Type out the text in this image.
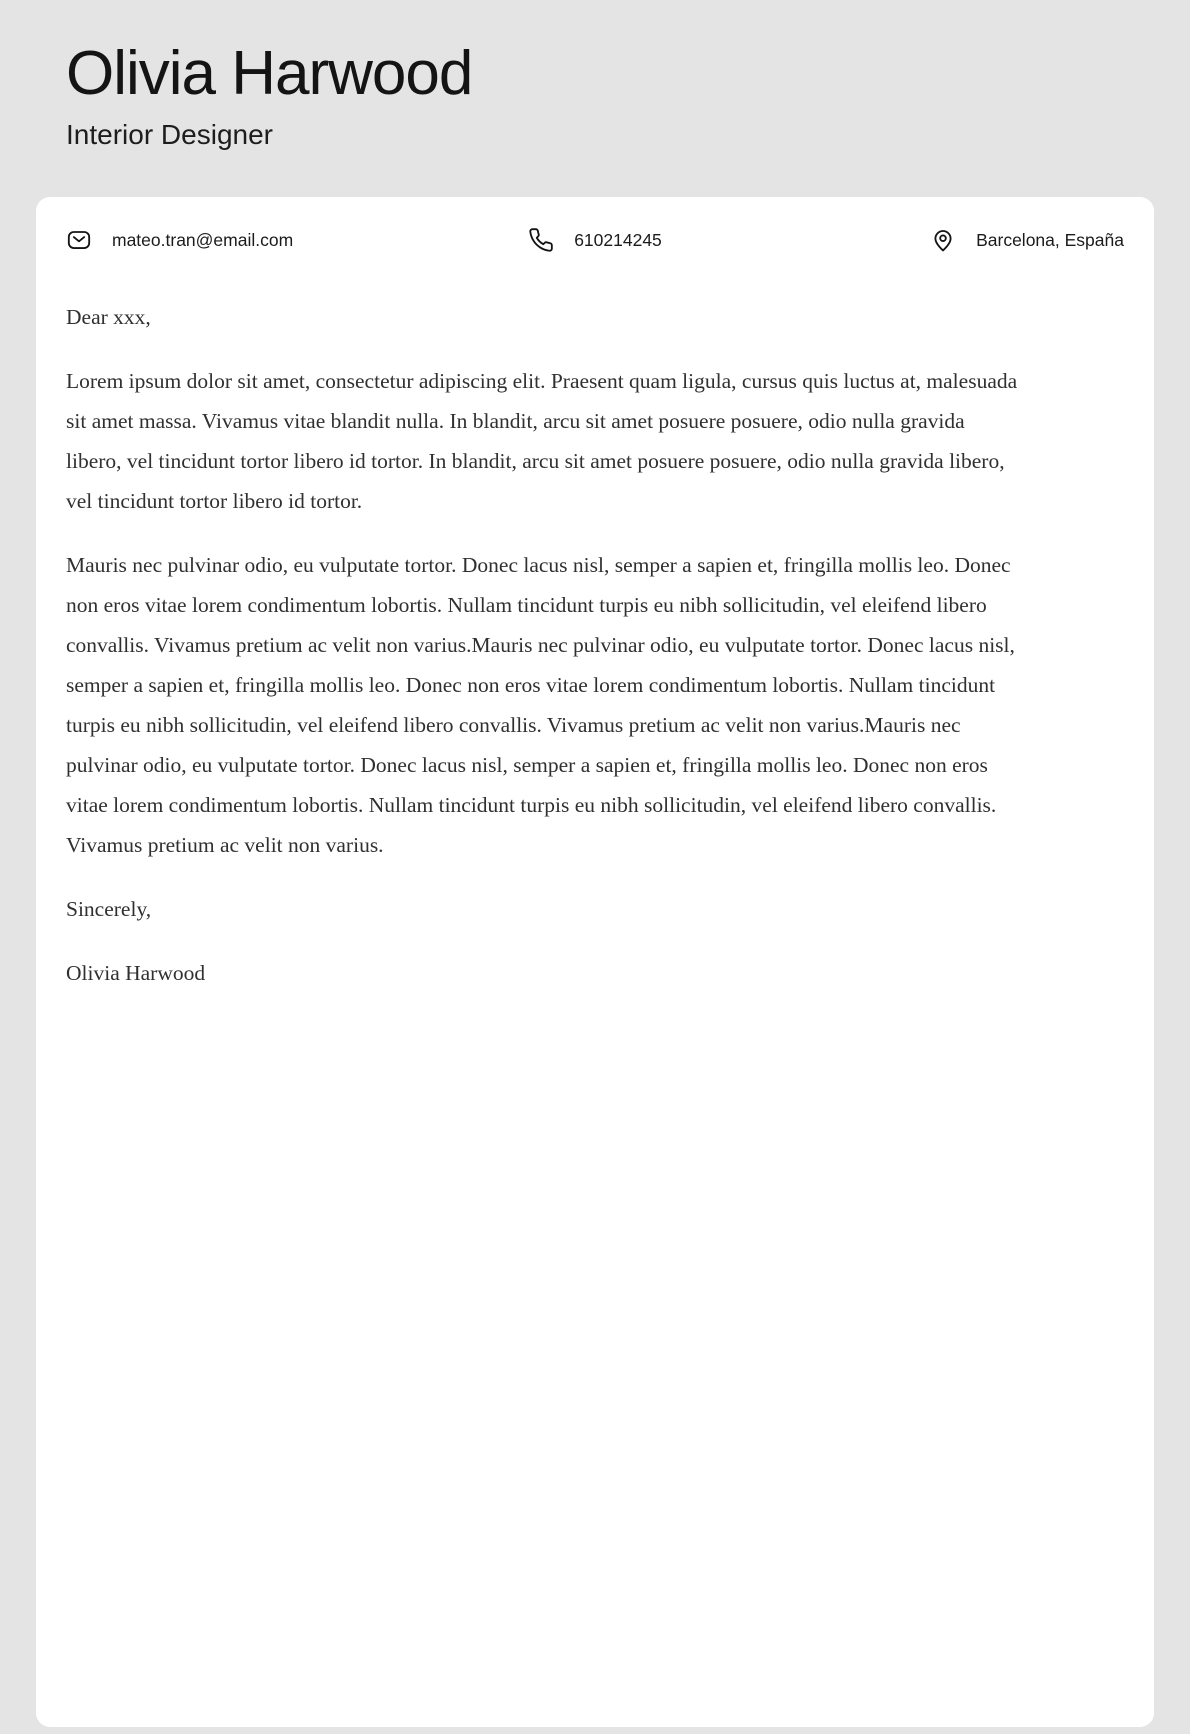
Olivia Harwood
Interior Designer
mateo.tran@email.com	610214245	Barcelona, España

Dear xxx,

Lorem ipsum dolor sit amet, consectetur adipiscing elit. Praesent quam ligula, cursus quis luctus at, malesuada sit amet massa. Vivamus vitae blandit nulla. In blandit, arcu sit amet posuere posuere, odio nulla gravida libero, vel tincidunt tortor libero id tortor. In blandit, arcu sit amet posuere posuere, odio nulla gravida libero, vel tincidunt tortor libero id tortor.

Mauris nec pulvinar odio, eu vulputate tortor. Donec lacus nisl, semper a sapien et, fringilla mollis leo. Donec non eros vitae lorem condimentum lobortis. Nullam tincidunt turpis eu nibh sollicitudin, vel eleifend libero convallis. Vivamus pretium ac velit non varius.Mauris nec pulvinar odio, eu vulputate tortor. Donec lacus nisl, semper a sapien et, fringilla mollis leo. Donec non eros vitae lorem condimentum lobortis. Nullam tincidunt turpis eu nibh sollicitudin, vel eleifend libero convallis. Vivamus pretium ac velit non varius.Mauris nec pulvinar odio, eu vulputate tortor. Donec lacus nisl, semper a sapien et, fringilla mollis leo. Donec non eros vitae lorem condimentum lobortis. Nullam tincidunt turpis eu nibh sollicitudin, vel eleifend libero convallis. Vivamus pretium ac velit non varius.

Sincerely,

Olivia Harwood
